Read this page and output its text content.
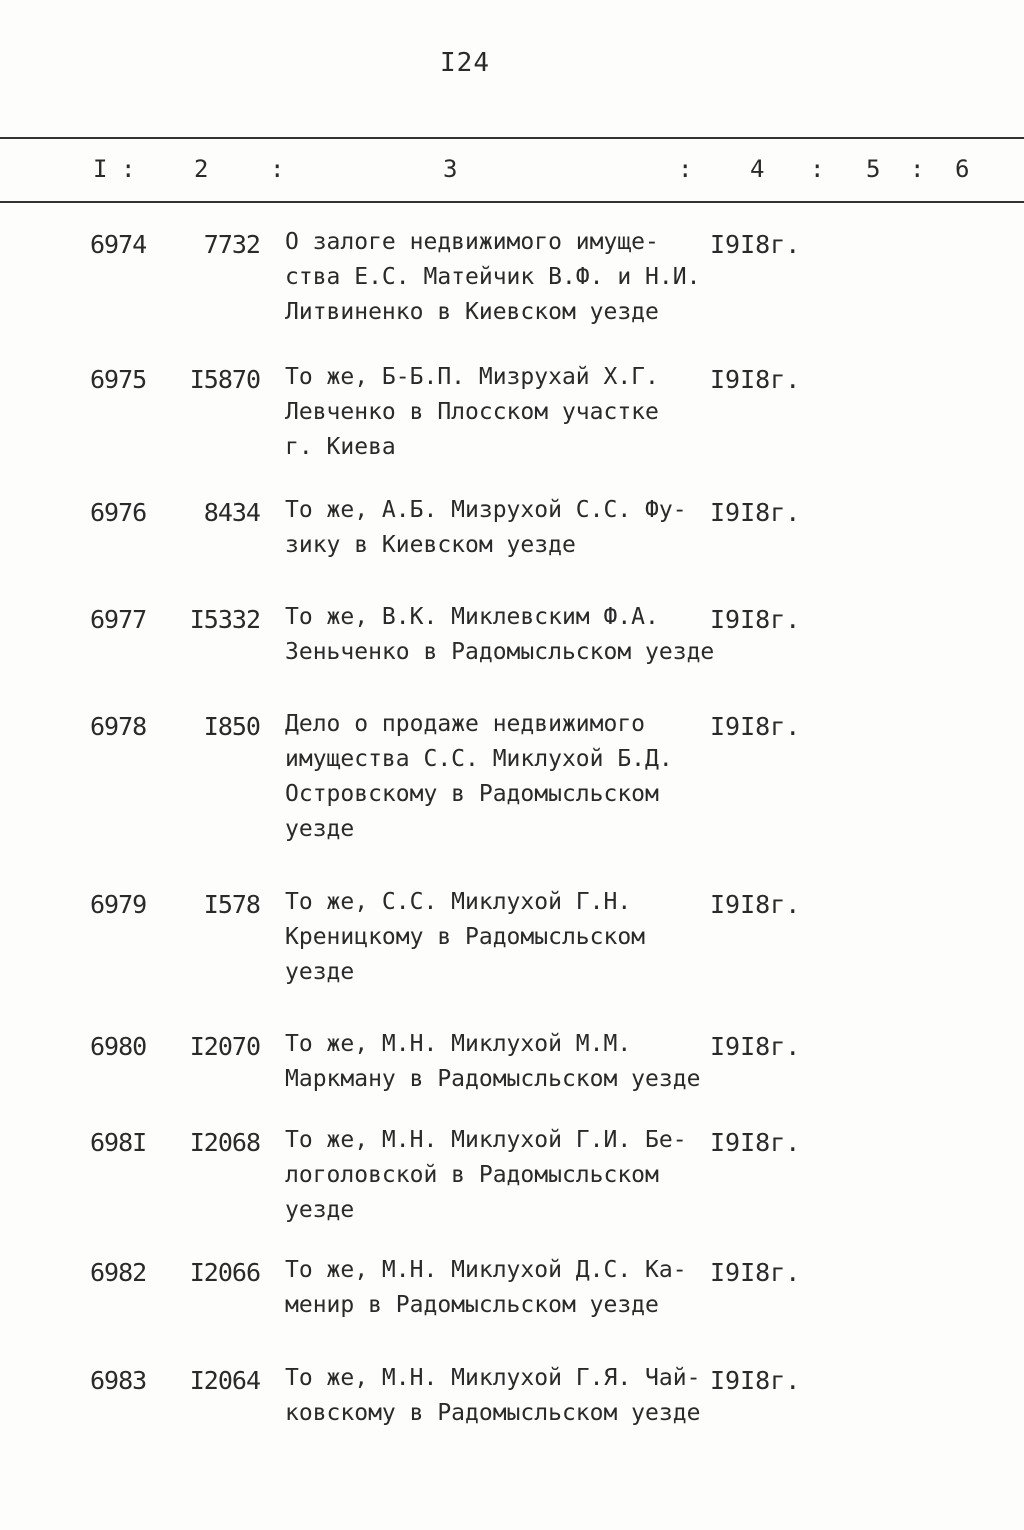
I24
I : 2	:	3	: 4 : 5 : 6
6974	7732 О залоге недвижимого имуще-
ства Е.С. Матейчик В.Ф. и Н.И.
Литвиненко в Киевском уезде
I9I8г.
6975	I5870 То же, Б-Б.П. Мизрухай Х.Г.
Левченко в Плосском участке
г. Киева
I9I8г.
6976	8434 То же, А.Б. Мизрухой С.С. Фу-
зику в Киевском уезде
I9I8г.
6977	I5332 То же, В.К. Миклевским Ф.А.
Зеньченко в Радомысльском уезде
I9I8г.
6978	I850 Дело о продаже недвижимого
имущества С.С. Миклухой Б.Д.
Островскому в Радомысльском
уезде
I9I8г.
6979	I578 То же, С.С. Миклухой Г.Н.
Креницкому в Радомысльском
уезде
I9I8г.
6980	I2070 То же, М.Н. Миклухой М.М.
Маркману в Радомысльском уезде
I9I8г.
698I	I2068 То же, М.Н. Миклухой Г.И. Бе-
логоловской в Радомысльском
уезде
I9I8г.
6982	I2066 То же, М.Н. Миклухой Д.С. Ка-
менир в Радомысльском уезде
I9I8г.
6983	I2064 То же, М.Н. Миклухой Г.Я. Чай-
ковскому в Радомысльском уезде
I9I8г.
